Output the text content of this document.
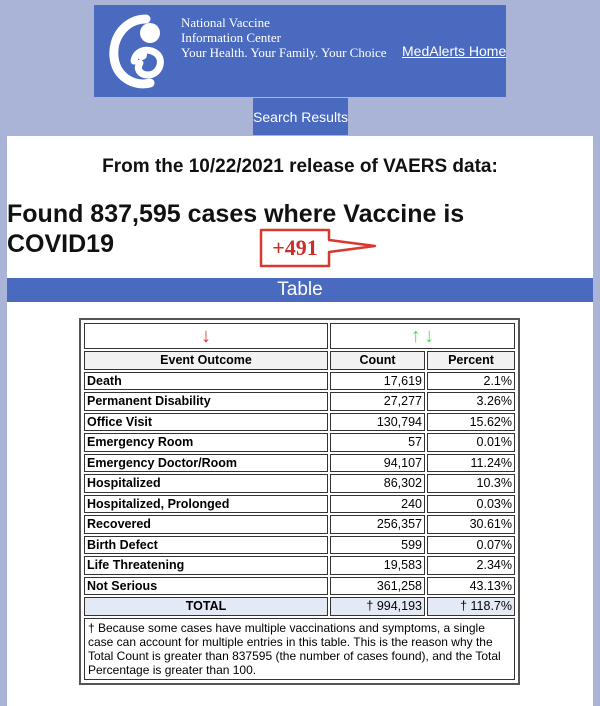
National Vaccine
Information Center
Your Health. Your Family. Your Choice MedAlerts Home
Search Results
From the 10/22/2021 release of VAERS data:
Found 837,595 cases where Vaccine is COVID19
Table
↓	↑ ↓	
Event Outcome	Count	Percent
Death	17,619	2.1%
Permanent Disability	27,277	3.26%
Office Visit	130,794	15.62%
Emergency Room	57	0.01%
Emergency Doctor/Room	94,107	11.24%
Hospitalized	86,302	10.3%
Hospitalized, Prolonged	240	0.03%
Recovered	256,357	30.61%
Birth Defect	599	0.07%
Life Threatening	19,583	2.34%
Not Serious	361,258	43.13%
TOTAL	† 994,193	† 118.7%
† Because some cases have multiple vaccinations and symptoms, a single case can account for multiple entries in this table. This is the reason why the Total Count is greater than 837595 (the number of cases found), and the Total Percentage is greater than 100.		
+491
